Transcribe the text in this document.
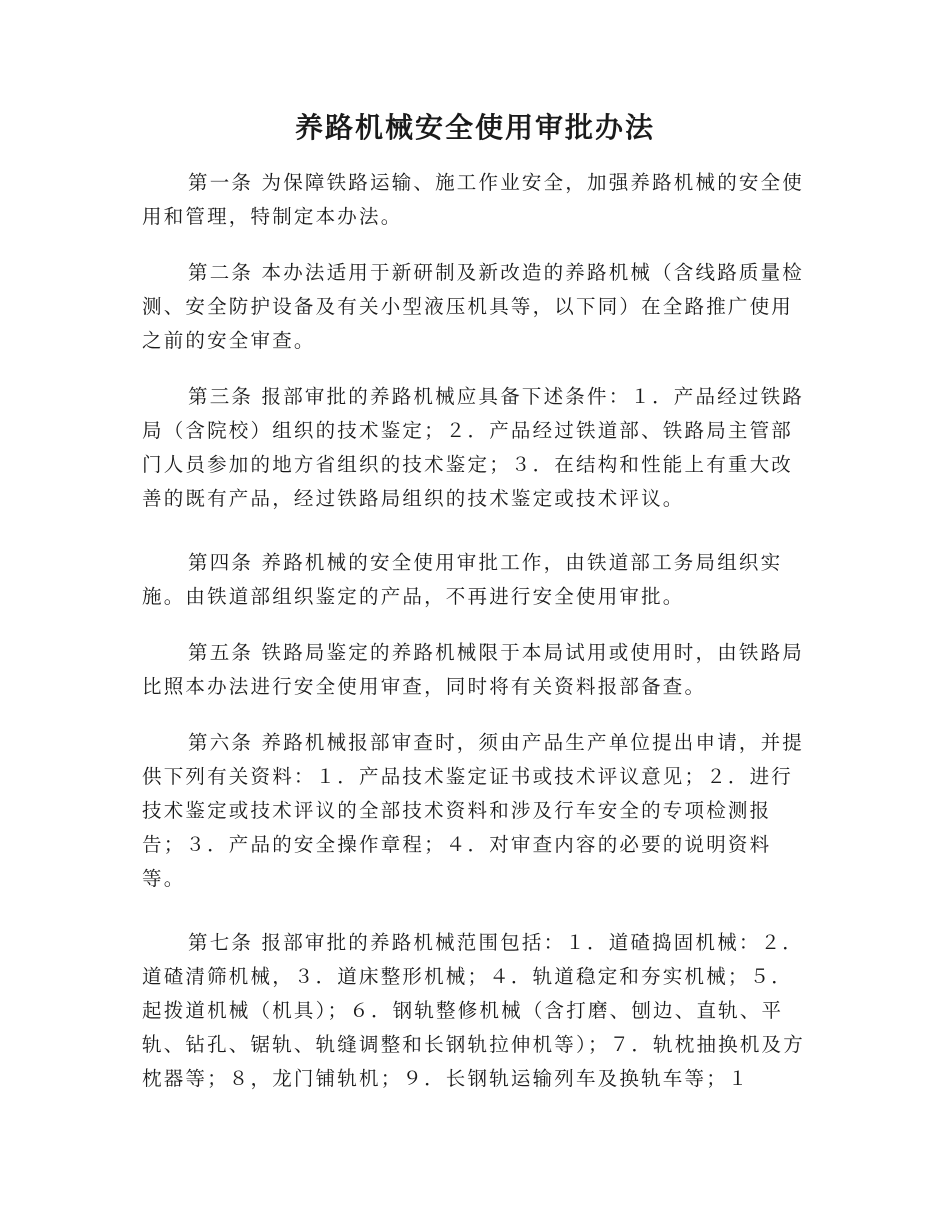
养路机械安全使用审批办法

第一条 为保障铁路运输、施工作业安全，加强养路机械的安全使用和管理，特制定本办法。

第二条 本办法适用于新研制及新改造的养路机械（含线路质量检测、安全防护设备及有关小型液压机具等，以下同）在全路推广使用之前的安全审查。

第三条 报部审批的养路机械应具备下述条件：１．产品经过铁路局（含院校）组织的技术鉴定；２．产品经过铁道部、铁路局主管部门人员参加的地方省组织的技术鉴定；３．在结构和性能上有重大改善的既有产品，经过铁路局组织的技术鉴定或技术评议。

第四条 养路机械的安全使用审批工作，由铁道部工务局组织实施。由铁道部组织鉴定的产品，不再进行安全使用审批。

第五条 铁路局鉴定的养路机械限于本局试用或使用时，由铁路局比照本办法进行安全使用审查，同时将有关资料报部备查。

第六条 养路机械报部审查时，须由产品生产单位提出申请，并提供下列有关资料：１．产品技术鉴定证书或技术评议意见；２．进行技术鉴定或技术评议的全部技术资料和涉及行车安全的专项检测报告；３．产品的安全操作章程；４．对审查内容的必要的说明资料等。

第七条 报部审批的养路机械范围包括：１．道碴捣固机械：２．道碴清筛机械，３．道床整形机械；４．轨道稳定和夯实机械；５．起拨道机械（机具）；６．钢轨整修机械（含打磨、刨边、直轨、平轨、钻孔、锯轨、轨缝调整和长钢轨拉伸机等）；７．轨枕抽换机及方枕器等；８，龙门铺轨机；９．长钢轨运输列车及换轨车等；１
